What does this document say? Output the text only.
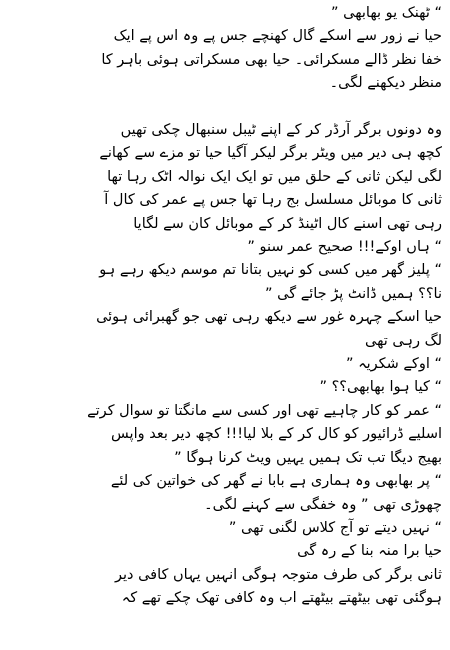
“ ٹھنک یو بھابھی ”
حیا نے زور سے اسکے گال کھنچے جس پے وہ اس پے ایک
خفا نظر ڈالے مسکرائی۔ حیا بھی مسکراتی ہوئی باہر کا
منظر دیکھنے لگی۔
وہ دونوں برگر آرڈر کر کے اپنے ٹیبل سنبھال چکی تھیں
کچھ ہی دیر میں ویٹر برگر لیکر آگیا حیا تو مزے سے کھانے
لگی لیکن ثانی کے حلق میں تو ایک ایک نوالہ اٹک رہا تھا
ثانی کا موبائل مسلسل بج رہا تھا جس پے عمر کی کال آ
رہی تھی اسنے کال اٹینڈ کر کے موبائل کان سے لگایا
“ ہاں اوکے!!! صحیح عمر سنو ”
“ پلیز گھر میں کسی کو نہیں بتانا تم موسم دیکھ رہے ہو
نا؟؟ ہمیں ڈانٹ پڑ جائے گی ”
حیا اسکے چہرہ غور سے دیکھ رہی تھی جو گھبرائی ہوئی
لگ رہی تھی
“ اوکے شکریہ ”
“ کیا ہوا بھابھی؟؟ ”
“ عمر کو کار چاہیے تھی اور کسی سے مانگتا تو سوال کرتے
اسلیے ڈرائیور کو کال کر کے بلا لیا!!! کچھ دیر بعد واپس
بھیج دیگا تب تک ہمیں یہیں ویٹ کرنا ہوگا ”
“ پر بھابھی وہ ہماری ہے بابا نے گھر کی خواتین کی لئے
چھوڑی تھی ” وہ خفگی سے کہنے لگی۔
“ نہیں دیتے تو آج کلاس لگنی تھی ”
حیا برا منہ بنا کے رہ گی
ثانی برگر کی طرف متوجہ ہوگی انہیں یہاں کافی دیر
ہوگئی تھی بیٹھتے بیٹھتے اب وہ کافی تھک چکے تھے کہ
